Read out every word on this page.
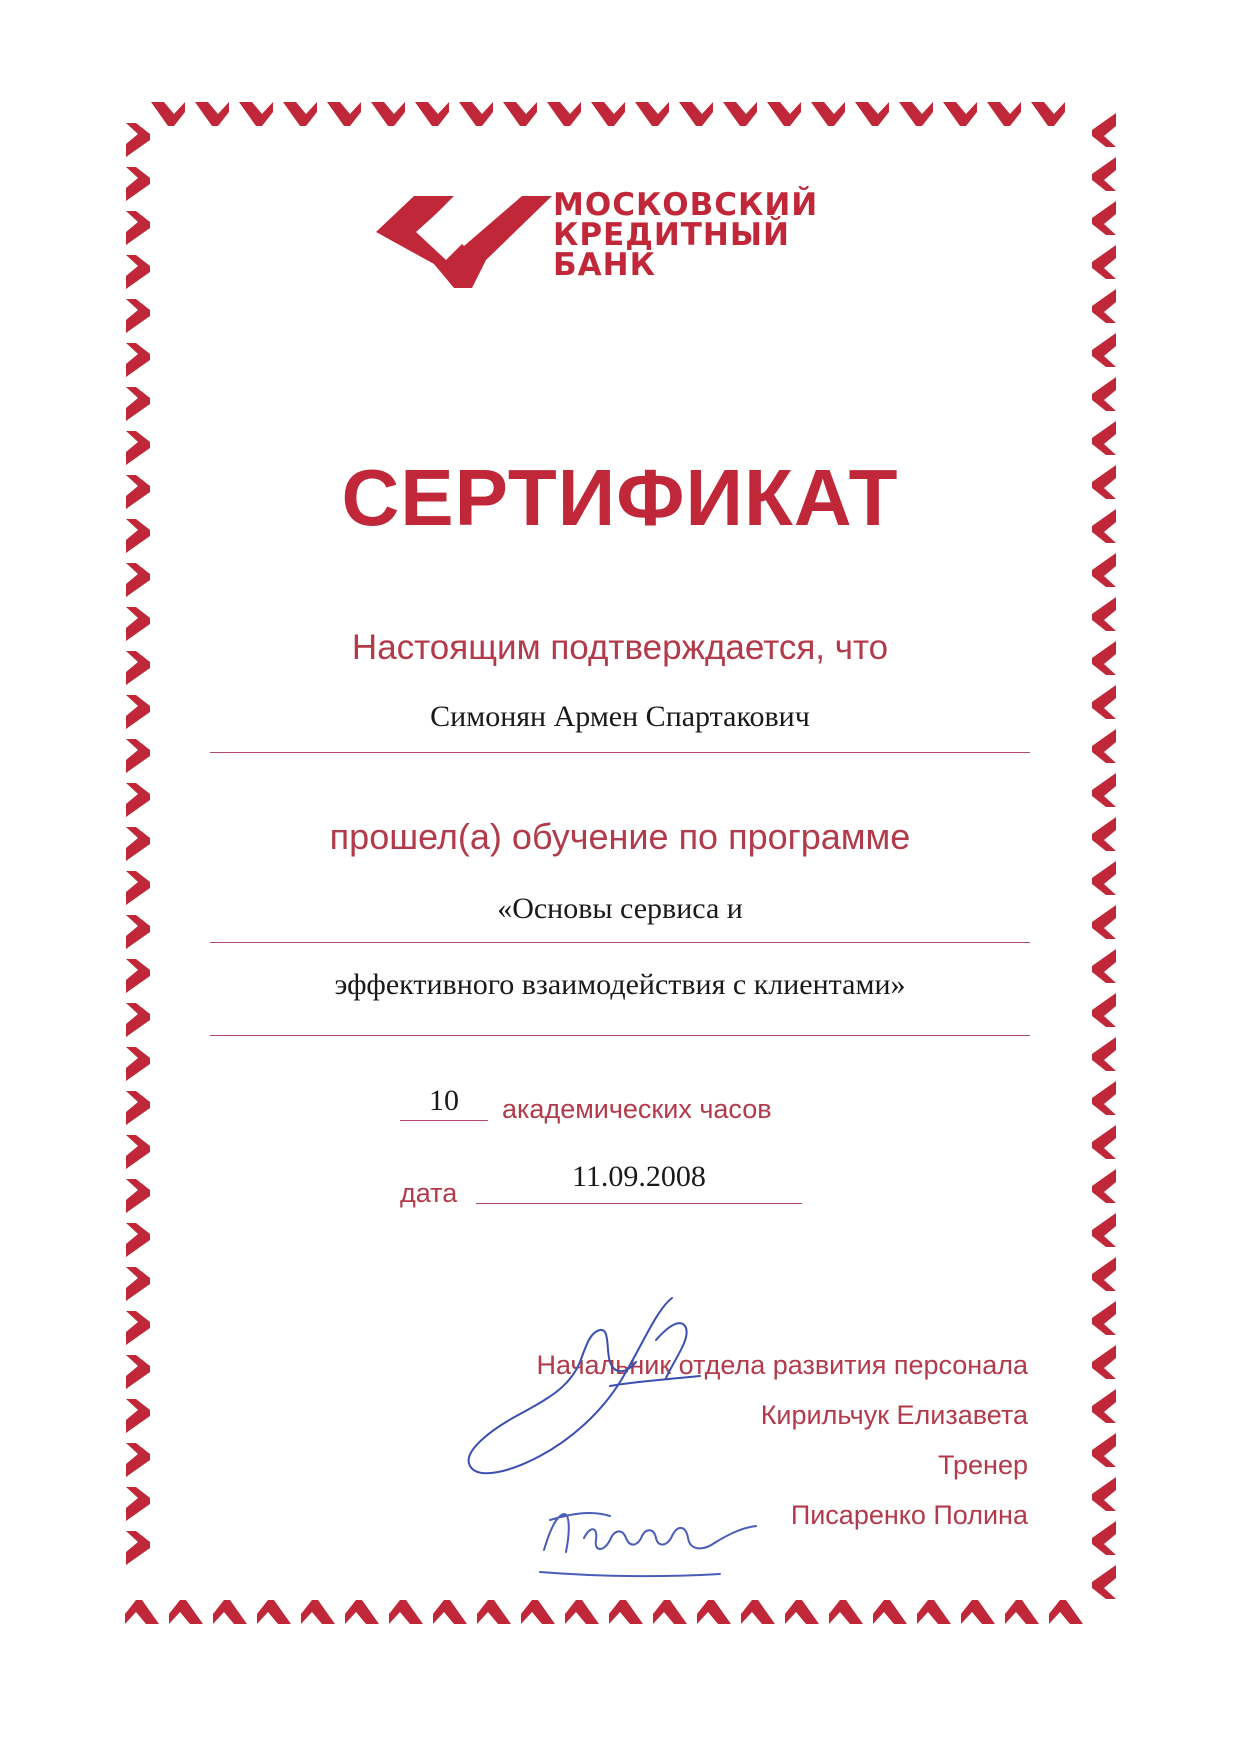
МОСКОВСКИЙ
КРЕДИТНЫЙ
БАНК
СЕРТИФИКАТ
Настоящим подтверждается, что
Симонян Армен Спартакович
прошел(а) обучение по программе
«Основы сервиса и
эффективного взаимодействия с клиентами»
10	академических часов
дата	11.09.2008
Начальник отдела развития персонала
Кирильчук Елизавета
Тренер
Писаренко Полина
